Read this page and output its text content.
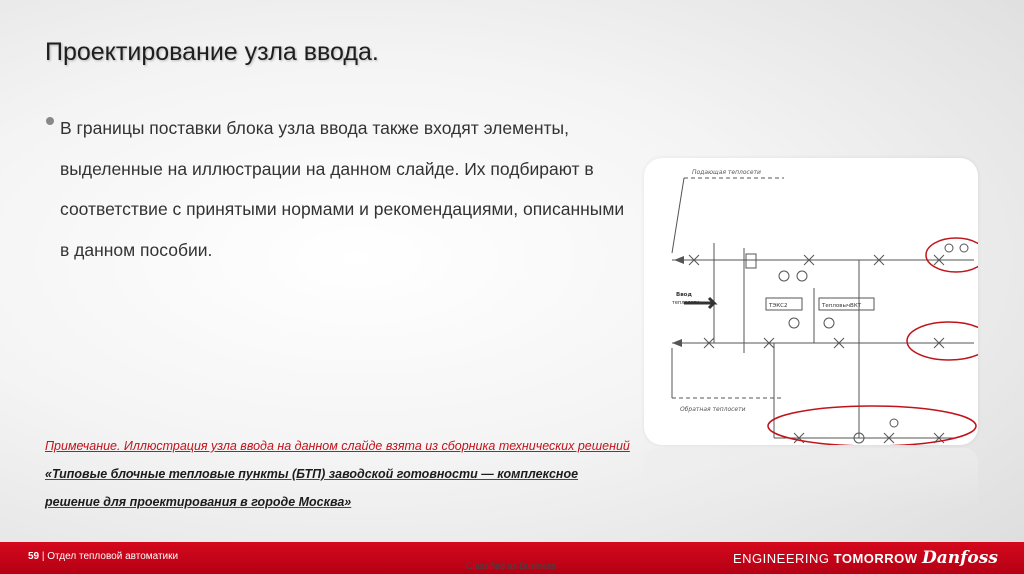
Проектирование узла ввода.
В границы поставки блока узла ввода также входят элементы, выделенные на иллюстрации на данном слайде. Их подбирают в соответствие с принятыми нормами и рекомендациями, описанными в данном пособии.
Подающая теплосети
Обратная теплосети
Ввод
теплосети	ТЭКС2	ТепловычВКТ
Примечание. Иллюстрация узла ввода на данном слайде взята из сборника технических решений «Типовые блочные тепловые пункты (БТП) заводской готовности — комплексное решение для проектирования в городе Москва»
59 | Отдел тепловой автоматики
Classified as Business	ENGINEERING TOMORROW Danfoss
